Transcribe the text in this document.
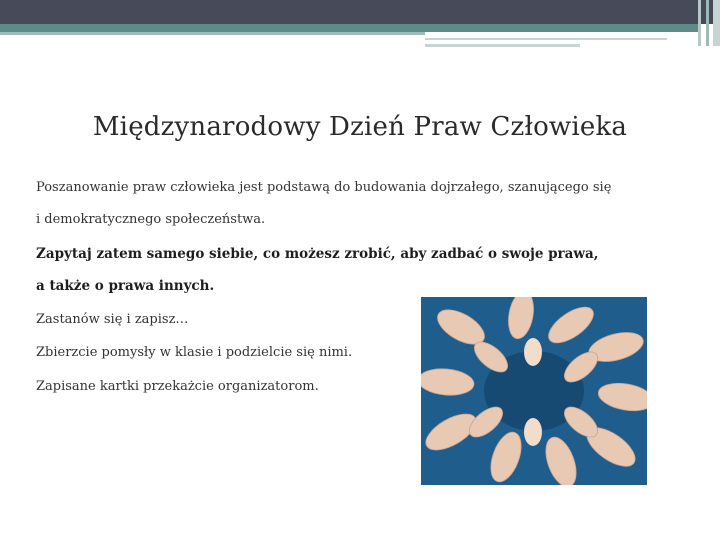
Międzynarodowy Dzień Praw Człowieka
Poszanowanie praw człowieka jest podstawą do budowania dojrzałego, szanującego się
i demokratycznego społeczeństwa.
Zapytaj zatem samego siebie, co możesz zrobić, aby zadbać o swoje prawa,
a także o prawa innych.
Zastanów się i zapisz…
Zbierzcie pomysły w klasie i podzielcie się nimi.
Zapisane kartki przekażcie organizatorom.
